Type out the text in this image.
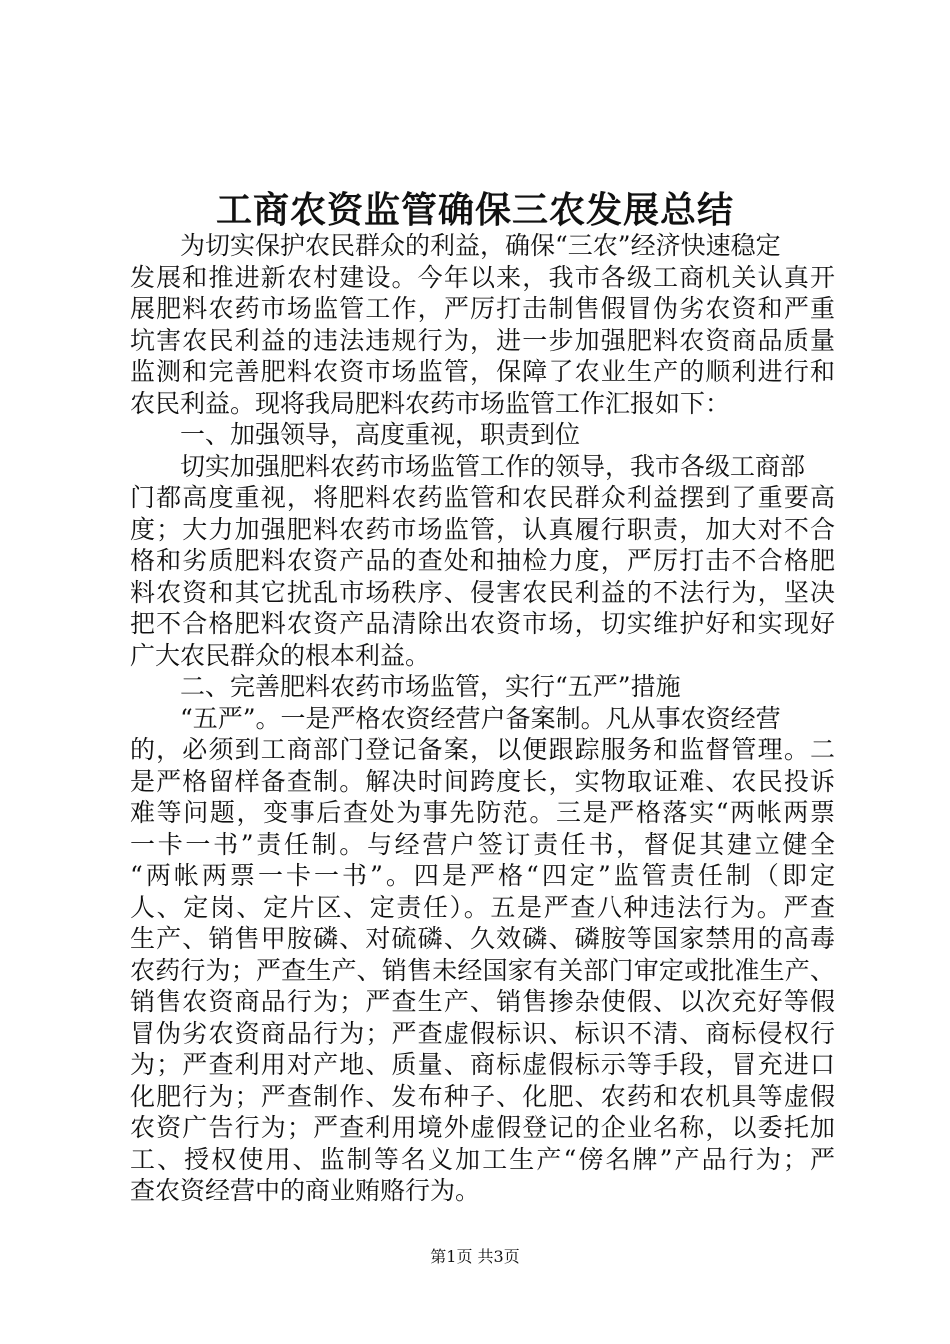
工商农资监管确保三农发展总结
为切实保护农民群众的利益，确保“三农”经济快速稳定
发展和推进新农村建设。今年以来，我市各级工商机关认真开
展肥料农药市场监管工作，严厉打击制售假冒伪劣农资和严重
坑害农民利益的违法违规行为，进一步加强肥料农资商品质量
监测和完善肥料农资市场监管，保障了农业生产的顺利进行和
农民利益。现将我局肥料农药市场监管工作汇报如下：
一、加强领导，高度重视，职责到位
切实加强肥料农药市场监管工作的领导，我市各级工商部
门都高度重视，将肥料农药监管和农民群众利益摆到了重要高
度；大力加强肥料农药市场监管，认真履行职责，加大对不合
格和劣质肥料农资产品的查处和抽检力度，严厉打击不合格肥
料农资和其它扰乱市场秩序、侵害农民利益的不法行为，坚决
把不合格肥料农资产品清除出农资市场，切实维护好和实现好
广大农民群众的根本利益。
二、完善肥料农药市场监管，实行“五严”措施
“五严”。一是严格农资经营户备案制。凡从事农资经营
的，必须到工商部门登记备案，以便跟踪服务和监督管理。二
是严格留样备查制。解决时间跨度长，实物取证难、农民投诉
难等问题，变事后查处为事先防范。三是严格落实“两帐两票
一卡一书”责任制。与经营户签订责任书，督促其建立健全
“两帐两票一卡一书”。四是严格“四定”监管责任制（即定
人、定岗、定片区、定责任）。五是严查八种违法行为。严查
生产、销售甲胺磷、对硫磷、久效磷、磷胺等国家禁用的高毒
农药行为；严查生产、销售未经国家有关部门审定或批准生产、
销售农资商品行为；严查生产、销售掺杂使假、以次充好等假
冒伪劣农资商品行为；严查虚假标识、标识不清、商标侵权行
为；严查利用对产地、质量、商标虚假标示等手段，冒充进口
化肥行为；严查制作、发布种子、化肥、农药和农机具等虚假
农资广告行为；严查利用境外虚假登记的企业名称，以委托加
工、授权使用、监制等名义加工生产“傍名牌”产品行为；严
查农资经营中的商业贿赂行为。
第1页 共3页
